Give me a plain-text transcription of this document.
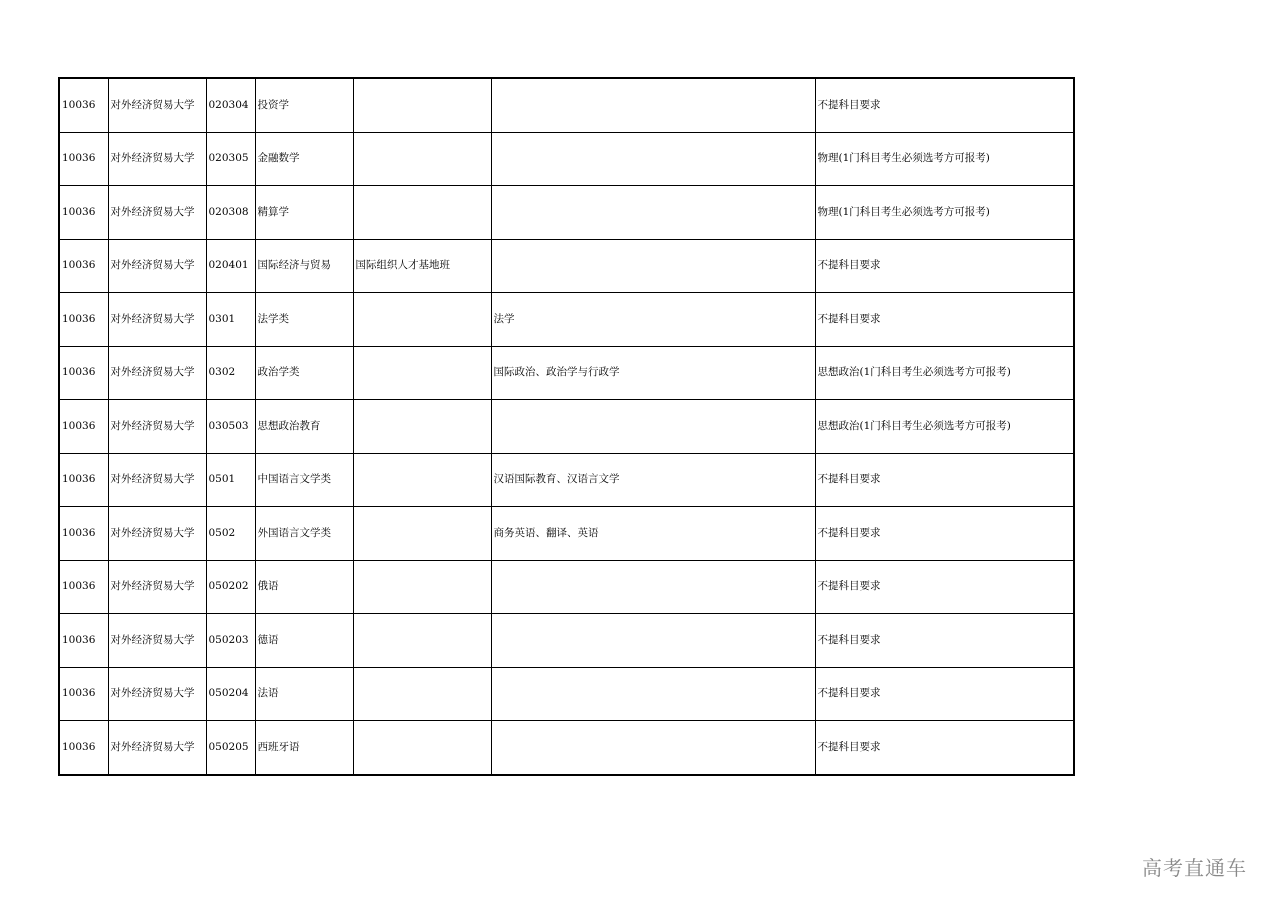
10036	对外经济贸易大学	020304	投资学			不提科目要求
10036	对外经济贸易大学	020305	金融数学			物理(1门科目考生必须选考方可报考)
10036	对外经济贸易大学	020308	精算学			物理(1门科目考生必须选考方可报考)
10036	对外经济贸易大学	020401	国际经济与贸易	国际组织人才基地班		不提科目要求
10036	对外经济贸易大学	0301	法学类		法学	不提科目要求
10036	对外经济贸易大学	0302	政治学类		国际政治、政治学与行政学	思想政治(1门科目考生必须选考方可报考)
10036	对外经济贸易大学	030503	思想政治教育			思想政治(1门科目考生必须选考方可报考)
10036	对外经济贸易大学	0501	中国语言文学类		汉语国际教育、汉语言文学	不提科目要求
10036	对外经济贸易大学	0502	外国语言文学类		商务英语、翻译、英语	不提科目要求
10036	对外经济贸易大学	050202	俄语			不提科目要求
10036	对外经济贸易大学	050203	德语			不提科目要求
10036	对外经济贸易大学	050204	法语			不提科目要求
10036	对外经济贸易大学	050205	西班牙语			不提科目要求
高考直通车
